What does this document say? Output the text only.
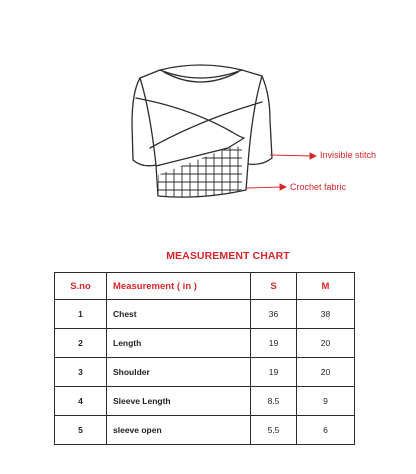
Invisible stitch
Crochet fabric
MEASUREMENT CHART
S.no	Measurement ( in )	S	M
1	Chest	36	38
2	Length	19	20
3	Shoulder	19	20
4	Sleeve Length	8.5	9
5	sleeve open	5.5	6
